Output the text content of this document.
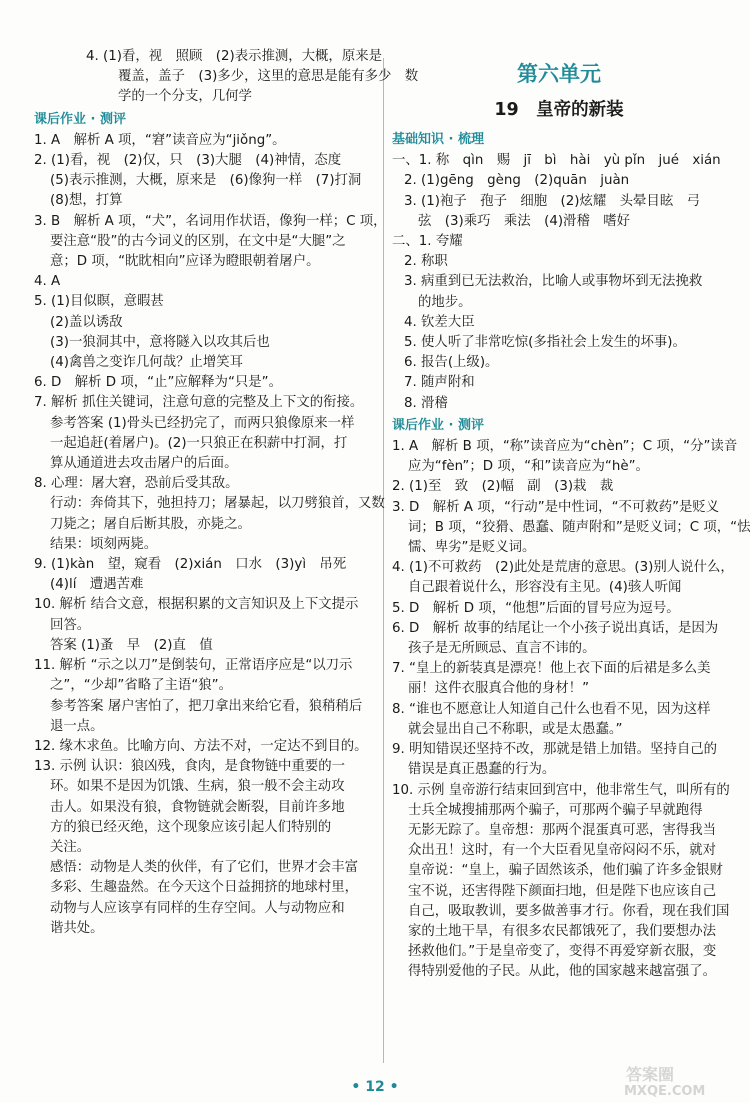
4. (1)看，视　照顾　(2)表示推测，大概，原来是
覆盖，盖子　(3)多少，这里的意思是能有多少　数
学的一个分支，几何学
课后作业 · 测评
1. A　解析 A 项，“窘”读音应为“jiǒng”。
2. (1)看，视　(2)仅，只　(3)大腿　(4)神情，态度
(5)表示推测，大概，原来是　(6)像狗一样　(7)打洞
(8)想，打算
3. B　解析 A 项，“犬”，名词用作状语，像狗一样；C 项，
要注意“股”的古今词义的区别，在文中是“大腿”之
意；D 项，“眈眈相向”应译为瞪眼朝着屠户。
4. A
5. (1)目似瞑，意暇甚
(2)盖以诱敌
(3)一狼洞其中，意将隧入以攻其后也
(4)禽兽之变诈几何哉？止增笑耳
6. D　解析 D 项，“止”应解释为“只是”。
7. 解析 抓住关键词，注意句意的完整及上下文的衔接。
参考答案 (1)骨头已经扔完了，而两只狼像原来一样
一起追赶(着屠户)。(2)一只狼正在积薪中打洞，打
算从通道进去攻击屠户的后面。
8. 心理：屠大窘，恐前后受其敌。
行动：奔倚其下，弛担持刀；屠暴起，以刀劈狼首，又数
刀毙之；屠自后断其股，亦毙之。
结果：顷刻两毙。
9. (1)kàn　望，窥看　(2)xián　口水　(3)yì　吊死
(4)lí　遭遇苦难
10. 解析 结合文意，根据积累的文言知识及上下文提示
回答。
答案 (1)蚤　早　(2)直　值
11. 解析 “示之以刀”是倒装句，正常语序应是“以刀示
之”，“少却”省略了主语“狼”。
参考答案 屠户害怕了，把刀拿出来给它看，狼稍稍后
退一点。
12. 缘木求鱼。比喻方向、方法不对，一定达不到目的。
13. 示例 认识：狼凶残，食肉，是食物链中重要的一
环。如果不是因为饥饿、生病，狼一般不会主动攻
击人。如果没有狼，食物链就会断裂，目前许多地
方的狼已经灭绝，这个现象应该引起人们特别的
关注。
感悟：动物是人类的伙伴，有了它们，世界才会丰富
多彩、生趣盎然。在今天这个日益拥挤的地球村里，
动物与人应该享有同样的生存空间。人与动物应和
谐共处。
第六单元
19　皇帝的新装
基础知识 · 梳理
一、1. 称　qìn　赐　jī　bì　hài　yù pǐn　jué　xián
2. (1)gēng　gèng　(2)quān　juàn
3. (1)袍子　孢子　细胞　(2)炫耀　头晕目眩　弓
弦　(3)乘巧　乘法　(4)滑稽　嗜好
二、1. 夸耀
2. 称职
3. 病重到已无法救治，比喻人或事物坏到无法挽救
的地步。
4. 钦差大臣
5. 使人听了非常吃惊(多指社会上发生的坏事)。
6. 报告(上级)。
7. 随声附和
8. 滑稽
课后作业 · 测评
1. A　解析 B 项，“称”读音应为“chèn”；C 项，“分”读音
应为“fèn”；D 项，“和”读音应为“hè”。
2. (1)至　致　(2)幅　副　(3)栽　裁
3. D　解析 A 项，“行动”是中性词，“不可救药”是贬义
词；B 项，“狡猾、愚蠢、随声附和”是贬义词；C 项，“怯
懦、卑劣”是贬义词。
4. (1)不可救药　(2)此处是荒唐的意思。(3)别人说什么，
自己跟着说什么，形容没有主见。(4)骇人听闻
5. D　解析 D 项，“他想”后面的冒号应为逗号。
6. D　解析 故事的结尾让一个小孩子说出真话，是因为
孩子是无所顾忌、直言不讳的。
7. “皇上的新装真是漂亮！他上衣下面的后裙是多么美
丽！这件衣服真合他的身材！”
8. “谁也不愿意让人知道自己什么也看不见，因为这样
就会显出自己不称职，或是太愚蠢。”
9. 明知错误还坚持不改，那就是错上加错。坚持自己的
错误是真正愚蠢的行为。
10. 示例 皇帝游行结束回到宫中，他非常生气，叫所有的
士兵全城搜捕那两个骗子，可那两个骗子早就跑得
无影无踪了。皇帝想：那两个混蛋真可恶，害得我当
众出丑！这时，有一个大臣看见皇帝闷闷不乐，就对
皇帝说：“皇上，骗子固然该杀，他们骗了许多金银财
宝不说，还害得陛下颜面扫地，但是陛下也应该自己
自己，吸取教训，要多做善事才行。你看，现在我们国
家的土地干旱，有很多农民都饿死了，我们要想办法
拯救他们。”于是皇帝变了，变得不再爱穿新衣服，变
得特别爱他的子民。从此，他的国家越来越富强了。
• 12 •
答案圈
MXQE.COM
